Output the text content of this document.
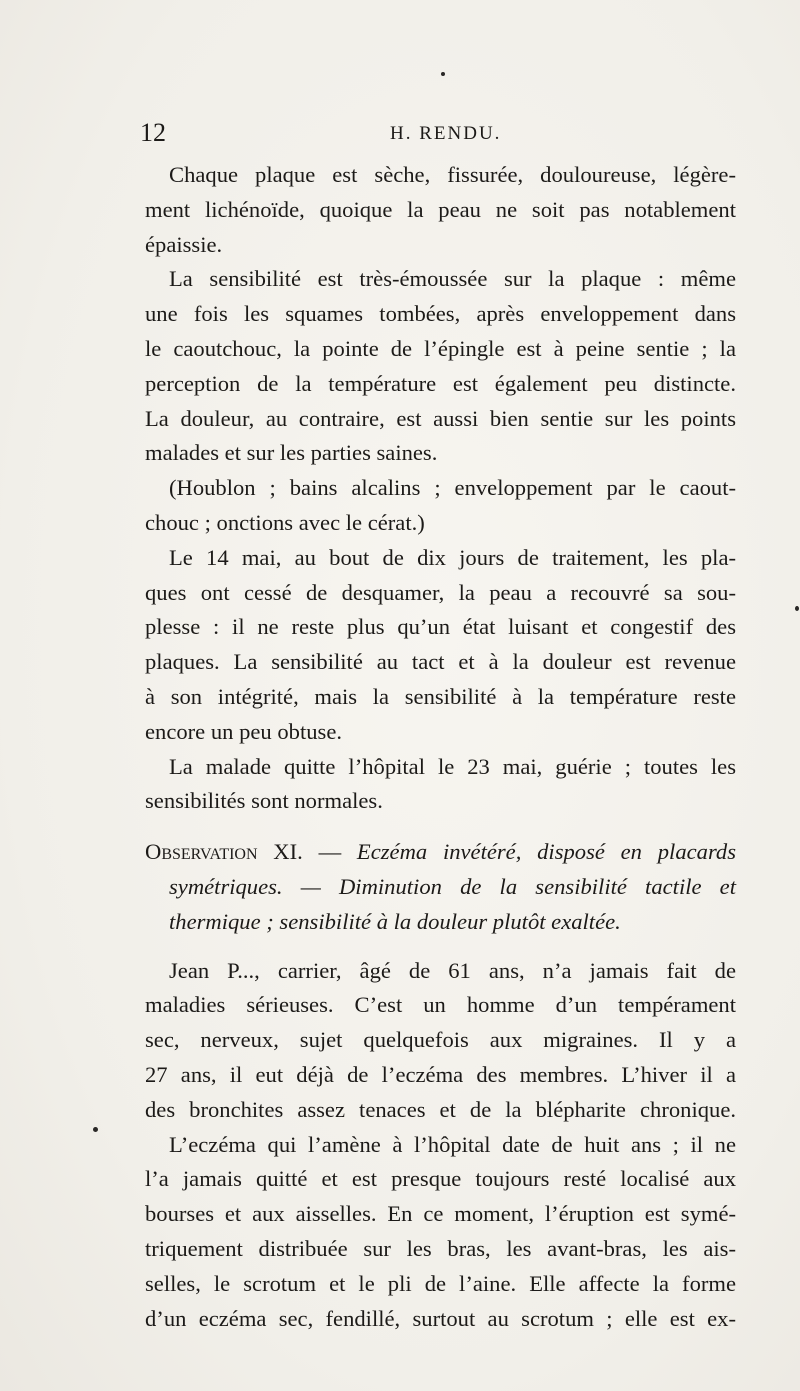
12	H. RENDU.
Chaque plaque est sèche, fissurée, douloureuse, légère-
ment lichénoïde, quoique la peau ne soit pas notablement
épaissie.
La sensibilité est très-émoussée sur la plaque : même
une fois les squames tombées, après enveloppement dans
le caoutchouc, la pointe de l’épingle est à peine sentie ; la
perception de la température est également peu distincte.
La douleur, au contraire, est aussi bien sentie sur les points
malades et sur les parties saines.
(Houblon ; bains alcalins ; enveloppement par le caout-
chouc ; onctions avec le cérat.)
Le 14 mai, au bout de dix jours de traitement, les pla-
ques ont cessé de desquamer, la peau a recouvré sa sou-
plesse : il ne reste plus qu’un état luisant et congestif des
plaques. La sensibilité au tact et à la douleur est revenue
à son intégrité, mais la sensibilité à la température reste
encore un peu obtuse.
La malade quitte l’hôpital le 23 mai, guérie ; toutes les
sensibilités sont normales.
Observation XI. — Eczéma invétéré, disposé en placards
symétriques. — Diminution de la sensibilité tactile et
thermique ; sensibilité à la douleur plutôt exaltée.
Jean P..., carrier, âgé de 61 ans, n’a jamais fait de
maladies sérieuses. C’est un homme d’un tempérament
sec, nerveux, sujet quelquefois aux migraines. Il y a
27 ans, il eut déjà de l’eczéma des membres. L’hiver il a
des bronchites assez tenaces et de la blépharite chronique.
L’eczéma qui l’amène à l’hôpital date de huit ans ; il ne
l’a jamais quitté et est presque toujours resté localisé aux
bourses et aux aisselles. En ce moment, l’éruption est symé-
triquement distribuée sur les bras, les avant-bras, les ais-
selles, le scrotum et le pli de l’aine. Elle affecte la forme
d’un eczéma sec, fendillé, surtout au scrotum ; elle est ex-
